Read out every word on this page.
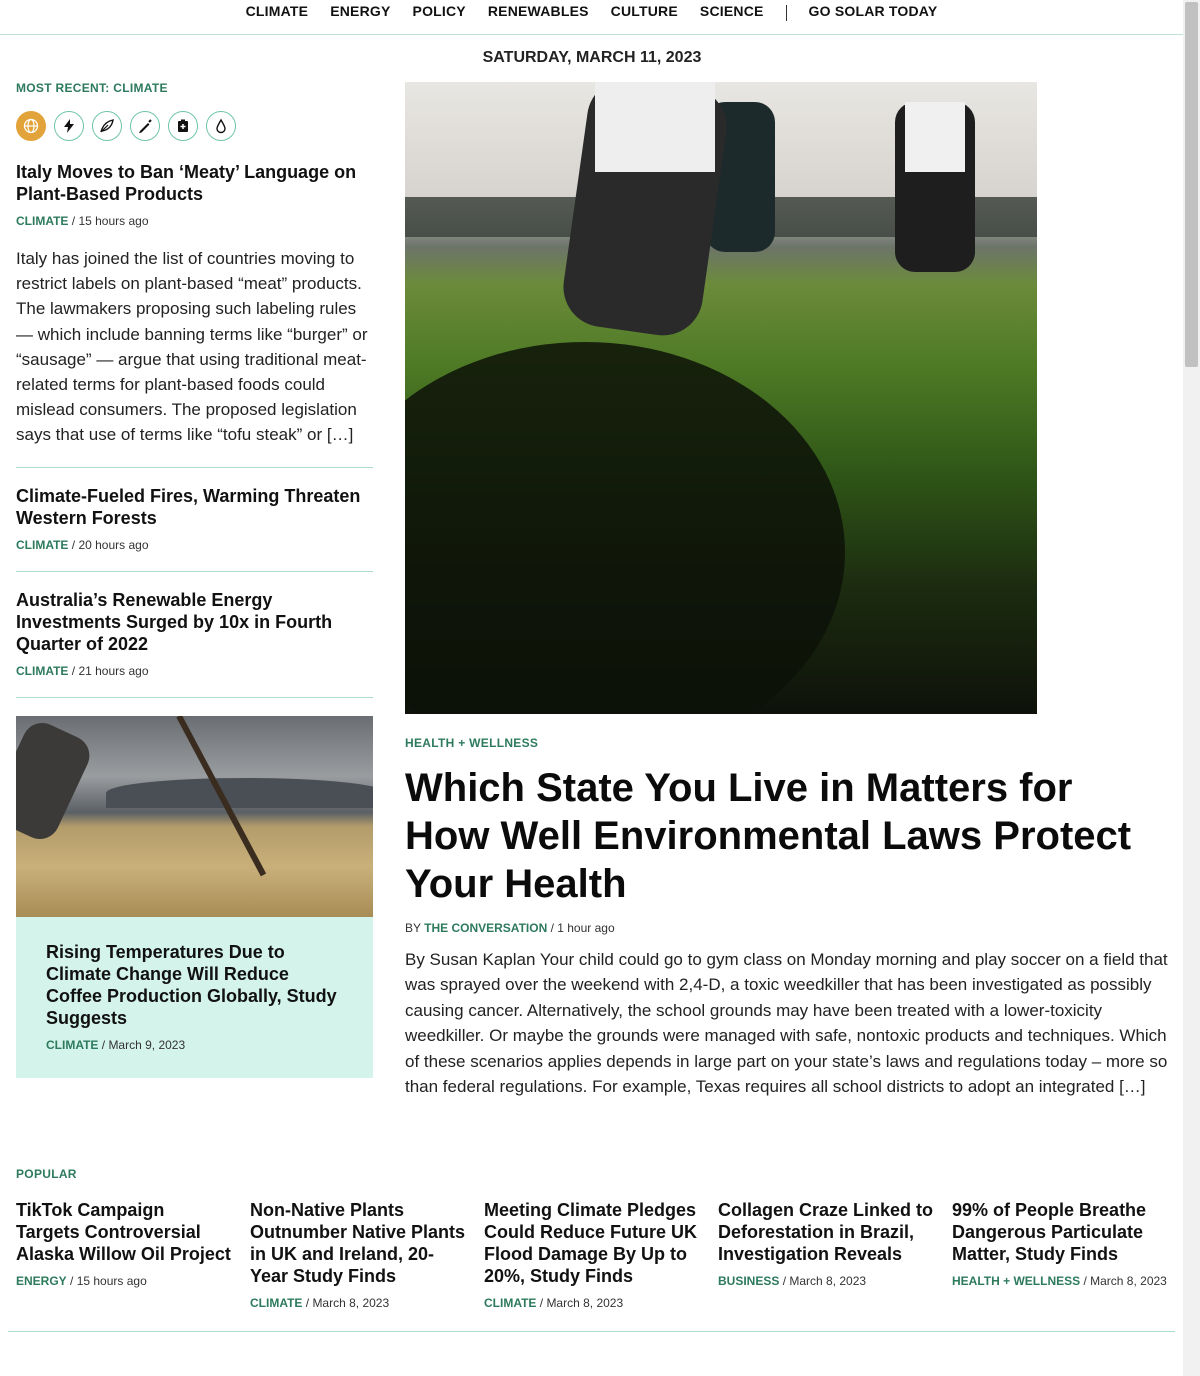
CLIMATE ENERGY POLICY RENEWABLES CULTURE SCIENCE	GO SOLAR TODAY
SATURDAY, MARCH 11, 2023
MOST RECENT: CLIMATE
Italy Moves to Ban ‘Meaty’ Language on Plant-Based Products
CLIMATE / 15 hours ago

Italy has joined the list of countries moving to restrict labels on plant-based “meat” products. The lawmakers proposing such labeling rules — which include banning terms like “burger” or “sausage” — argue that using traditional meat-related terms for plant-based foods could mislead consumers. The proposed legislation says that use of terms like “tofu steak” or […]

Climate-Fueled Fires, Warming Threaten Western Forests
CLIMATE / 20 hours ago
Australia’s Renewable Energy Investments Surged by 10x in Fourth Quarter of 2022
CLIMATE / 21 hours ago
Rising Temperatures Due to Climate Change Will Reduce Coffee Production Globally, Study Suggests
CLIMATE / March 9, 2023
HEALTH + WELLNESS
Which State You Live in Matters for How Well Environmental Laws Protect Your Health
BY THE CONVERSATION / 1 hour ago

By Susan Kaplan Your child could go to gym class on Monday morning and play soccer on a field that was sprayed over the weekend with 2,4-D, a toxic weedkiller that has been investigated as possibly causing cancer. Alternatively, the school grounds may have been treated with a lower-toxicity weedkiller. Or maybe the grounds were managed with safe, nontoxic products and techniques. Which of these scenarios applies depends in large part on your state’s laws and regulations today – more so than federal regulations. For example, Texas requires all school districts to adopt an integrated […]

POPULAR
TikTok Campaign Targets Controversial Alaska Willow Oil Project
ENERGY / 15 hours ago
Non-Native Plants Outnumber Native Plants in UK and Ireland, 20-Year Study Finds
CLIMATE / March 8, 2023
Meeting Climate Pledges Could Reduce Future UK Flood Damage By Up to 20%, Study Finds
CLIMATE / March 8, 2023
Collagen Craze Linked to Deforestation in Brazil, Investigation Reveals
BUSINESS / March 8, 2023
99% of People Breathe Dangerous Particulate Matter, Study Finds
HEALTH + WELLNESS / March 8, 2023
